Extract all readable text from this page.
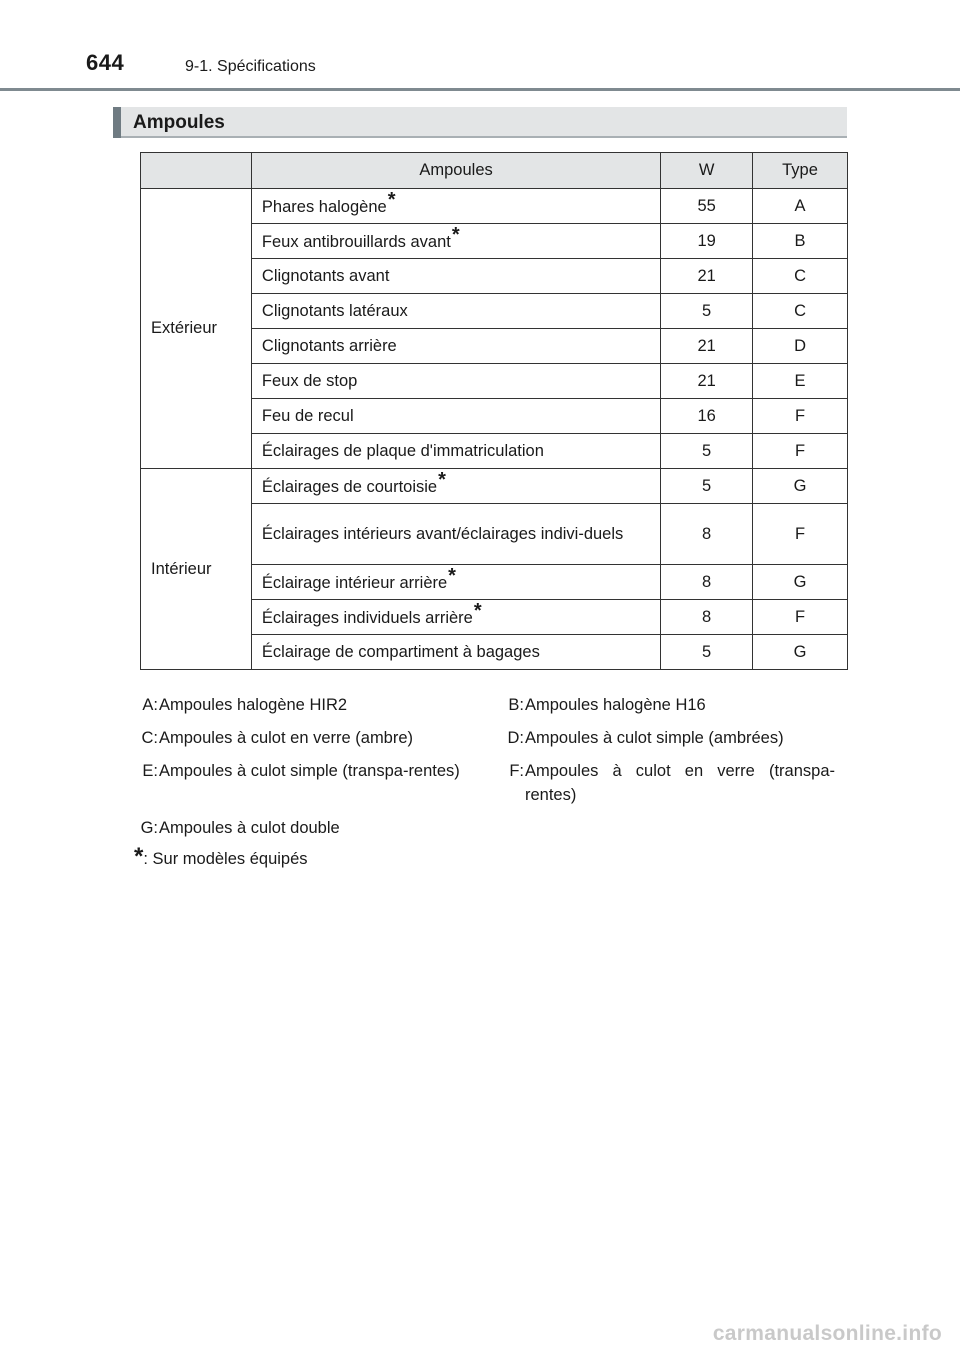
644	9-1. Spécifications
Ampoules
	Ampoules	W	Type
Extérieur	Phares halogène*	55	A
	Feux antibrouillards avant*	19	B
	Clignotants avant	21	C
	Clignotants latéraux	5	C
	Clignotants arrière	21	D
	Feux de stop	21	E
	Feu de recul	16	F
	Éclairages de plaque d'immatriculation	5	F
Intérieur	Éclairages de courtoisie*	5	G
	Éclairages intérieurs avant/éclairages indivi-duels	8	F
	Éclairage intérieur arrière*	8	G
	Éclairages individuels arrière*	8	F
	Éclairage de compartiment à bagages	5	G
A: Ampoules halogène HIR2	B: Ampoules halogène H16
C: Ampoules à culot en verre (ambre)	D: Ampoules à culot simple (ambrées)
E: Ampoules à culot simple (transpa-rentes)	F: Ampoules à culot en verre (transpa-rentes)
G: Ampoules à culot double
*: Sur modèles équipés
carmanualsonline.info
